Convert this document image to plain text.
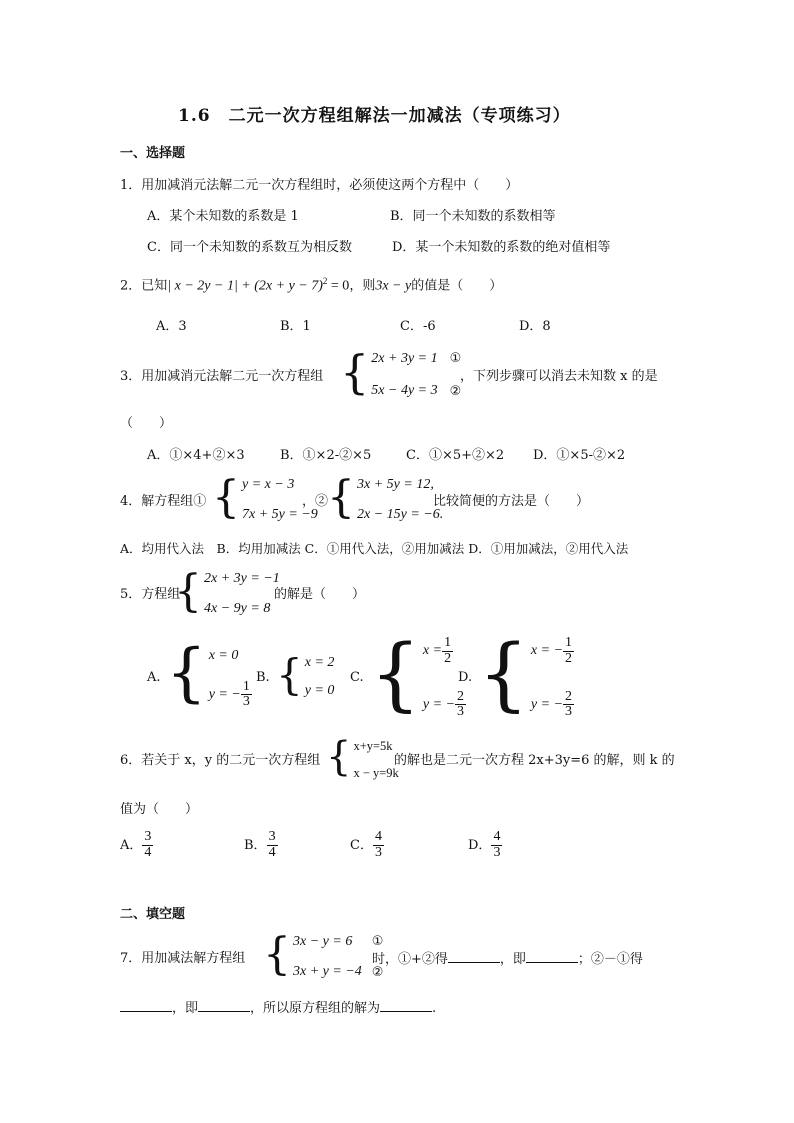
1.6　二元一次方程组解法一加减法（专项练习）
一、选择题
1．用加减消元法解二元一次方程组时，必须使这两个方程中（　　）
A．某个未知数的系数是 1	B．同一个未知数的系数相等
C．同一个未知数的系数互为相反数	D．某一个未知数的系数的绝对值相等
2．已知| $x - 2y - 1| + (2x + y - 7)^2 = 0$，则3x − y的值是（　　）
A．3	B．1	C．-6	D．8
3．用加减消元法解二元一次方程组 { 2x + 3y = 1
5x − 4y = 3
①
②
，下列步骤可以消去未知数 x 的是
（　　）
A．①×4+②×3	B．①×2-②×5	C．①×5+②×2 D．①×5-②×2
4．解方程组① { y = x − 3
7x + 5y = −9
，②
{ 3x + 5y = 12,
2x − 15y = −6.
比较简便的方法是（　　）
A．均用代入法　B．均用加减法 C．①用代入法，②用加减法 D．①用加减法，②用代入法
5．方程组
{ 2x + 3y = −1
4x − 9y = 8
的解是（　　）
A. { x = 0
y = − $\frac{1}{3}$
B. { x = 2
y = 0
C. { $x = \frac{1}{2}$
y = − $\frac{2}{3}$
D. { x = − $\frac{1}{2}$
y = − $\frac{2}{3}$
6．若关于 x，y 的二元一次方程组 { x+y=5k
x − y=9k
的解也是二元一次方程 2x+3y=6 的解，则 k 的
值为（　　）
A． $\frac{3}{4}$	B． $\frac{3}{4}$	C． $\frac{4}{3}$	D． $\frac{4}{3}$
二、填空题
7．用加减法解方程组 { 3x − y = 6
3x + y = −4
①
②
时，①+②得	，即	；②－①得
，即	，所以原方程组的解为	.
